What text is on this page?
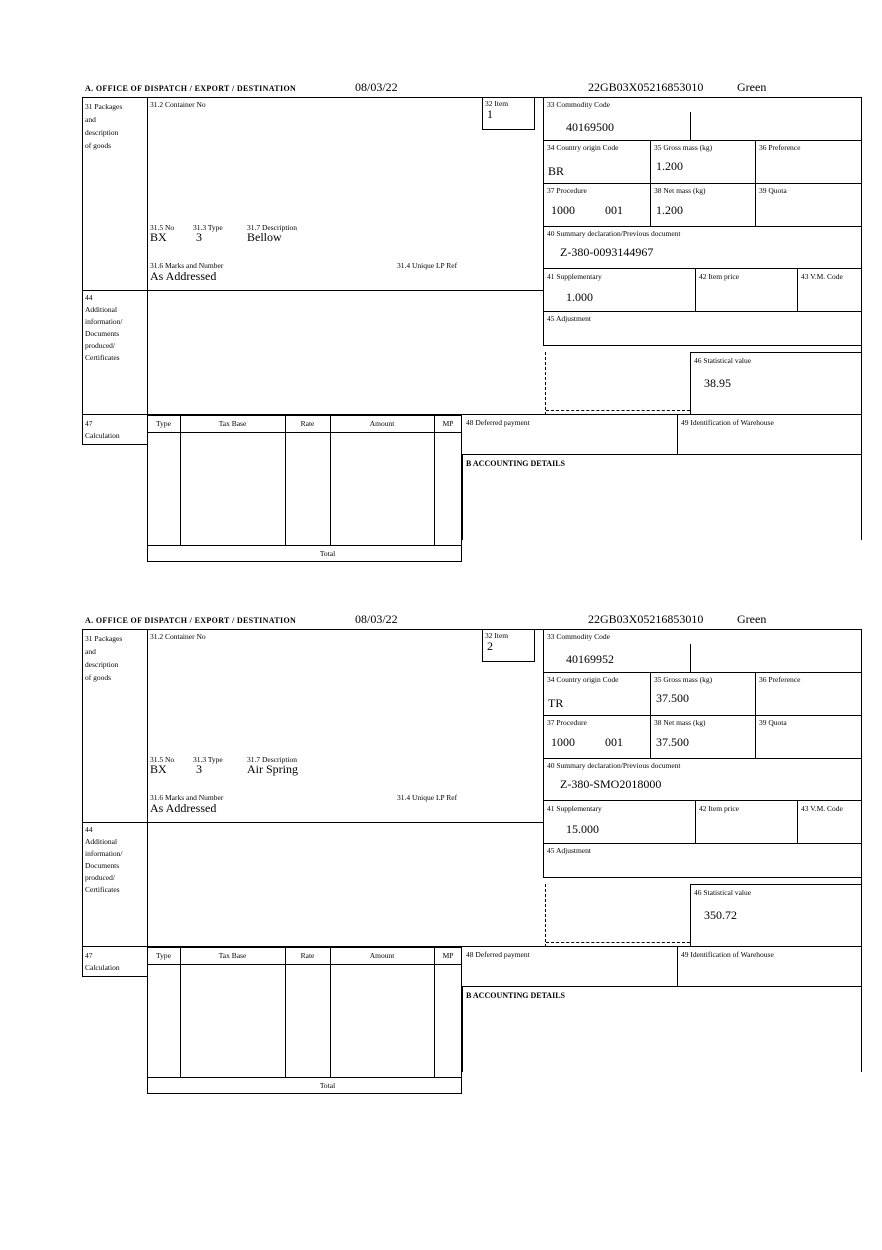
A. OFFICE OF DISPATCH / EXPORT / DESTINATION	08/03/22	22GB03X05216853010	Green
31 Packages
and
description
of goods
44
Additional
information/
Documents
produced/
Certificates
31.2 Container No	32 Item
1
31.5 No	31.3 Type	31.7 Description
BX 3	Bellow
31.6 Marks and Number	31.4 Unique LP Ref
As Addressed
33 Commodity Code
40169500
34 Country origin Code
BR
35 Gross mass (kg)
1.200
36 Preference
37 Procedure
1000	001
38 Net mass (kg)
1.200
39 Quota
40 Summary declaration/Previous document
Z-380-0093144967
41 Supplementary
1.000
42 Item price	43 V.M. Code
45 Adjustment
46 Statistical value
38.95
47
Calculation
Type	Tax Base	Rate	Amount	MP
Total
48 Deferred payment	49 Identification of Warehouse
B ACCOUNTING DETAILS
A. OFFICE OF DISPATCH / EXPORT / DESTINATION	08/03/22	22GB03X05216853010	Green
31 Packages
and
description
of goods
44
Additional
information/
Documents
produced/
Certificates
31.2 Container No	32 Item
2
31.5 No	31.3 Type	31.7 Description
BX 3	Air Spring
31.6 Marks and Number	31.4 Unique LP Ref
As Addressed
33 Commodity Code
40169952
34 Country origin Code
TR
35 Gross mass (kg)
37.500
36 Preference
37 Procedure
1000	001
38 Net mass (kg)
37.500
39 Quota
40 Summary declaration/Previous document
Z-380-SMO2018000
41 Supplementary
15.000
42 Item price	43 V.M. Code
45 Adjustment
46 Statistical value
350.72
47
Calculation
Type	Tax Base	Rate	Amount	MP
Total
48 Deferred payment	49 Identification of Warehouse
B ACCOUNTING DETAILS
